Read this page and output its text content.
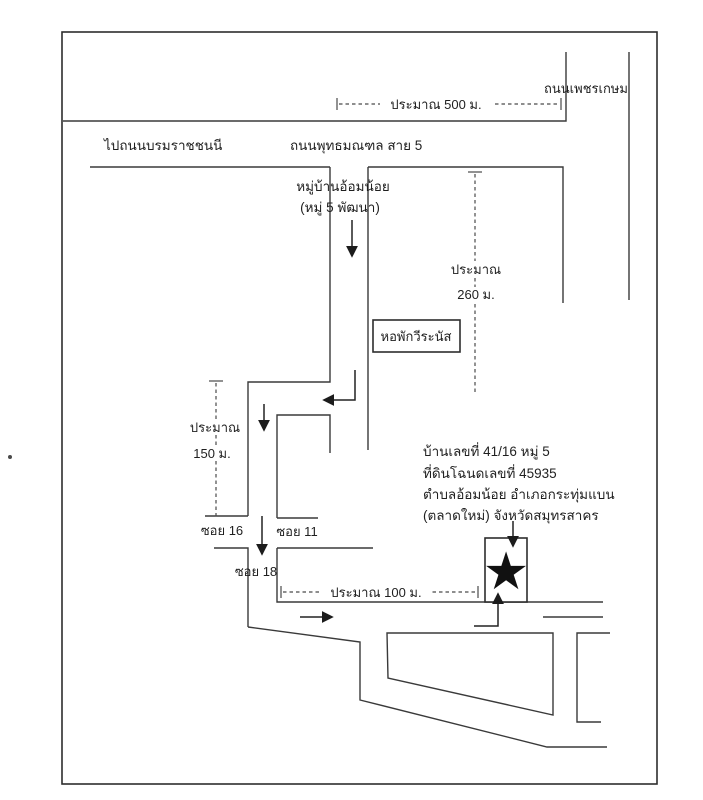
ประมาณ 500 ม.
ประมาณ
260 ม.
ประมาณ
150 ม.
ประมาณ 100 ม.
ถนนเพชรเกษม
ไปถนนบรมราชชนนี	ถนนพุทธมณฑล สาย 5
หมู่บ้านอ้อมน้อย
(หมู่ 5 พัฒนา)
ซอย 16	ซอย 11
ซอย 18
บ้านเลขที่ 41/16 หมู่ 5
ที่ดินโฉนดเลขที่ 45935
ตำบลอ้อมน้อย อำเภอกระทุ่มแบน
(ตลาดใหม่) จังหวัดสมุทรสาคร
หอพักวีระนัส
★
